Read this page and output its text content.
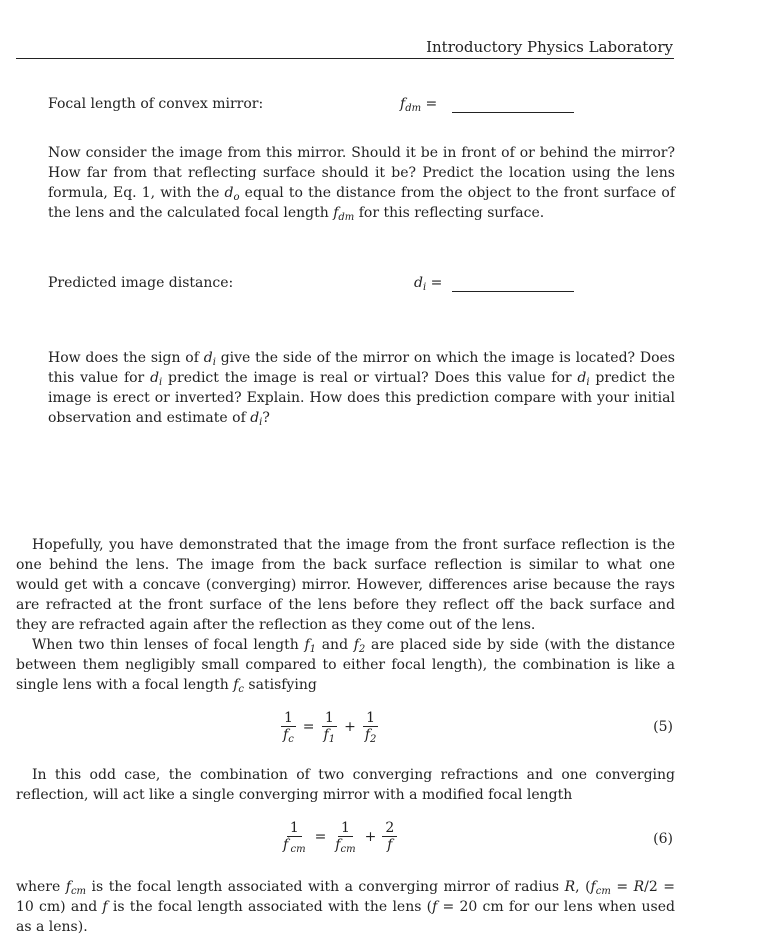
Introductory Physics Laboratory
Focal length of convex mirror:	$f_{dm}$ =

Now consider the image from this mirror. Should it be in front of or behind the mirror? How far from that reflecting surface should it be? Predict the location using the lens formula, Eq. 1, with the $d_o$ equal to the distance from the object to the front surface of the lens and the calculated focal length $f_{dm}$ for this reflecting surface.

Predicted image distance:	$d_i$ =

How does the sign of $d_i$ give the side of the mirror on which the image is located? Does this value for $d_i$ predict the image is real or virtual? Does this value for $d_i$ predict the image is erect or inverted? Explain. How does this prediction compare with your initial observation and estimate of $d_i$?

Hopefully, you have demonstrated that the image from the front surface reflection is the one behind the lens. The image from the back surface reflection is similar to what one would get with a concave (converging) mirror. However, differences arise because the rays are refracted at the front surface of the lens before they reflect off the back surface and they are refracted again after the reflection as they come out of the lens.

When two thin lenses of focal length $f_1$ and $f_2$ are placed side by side (with the distance between them negligibly small compared to either focal length), the combination is like a single lens with a focal length $f_c$ satisfying

$\frac{1}{f_c} = \frac{1}{f_1} + \frac{1}{f_2}$	(5)

In this odd case, the combination of two converging refractions and one converging reflection, will act like a single converging mirror with a modified focal length

$\frac{1}{f'_{cm}} = \frac{1}{f_{cm}} + \frac{2}{f}$	(6)

where $f_{cm}$ is the focal length associated with a converging mirror of radius R, ($f_{cm} = R/2 = 10$ cm) and f is the focal length associated with the lens (f = 20 cm for our lens when used as a lens).
